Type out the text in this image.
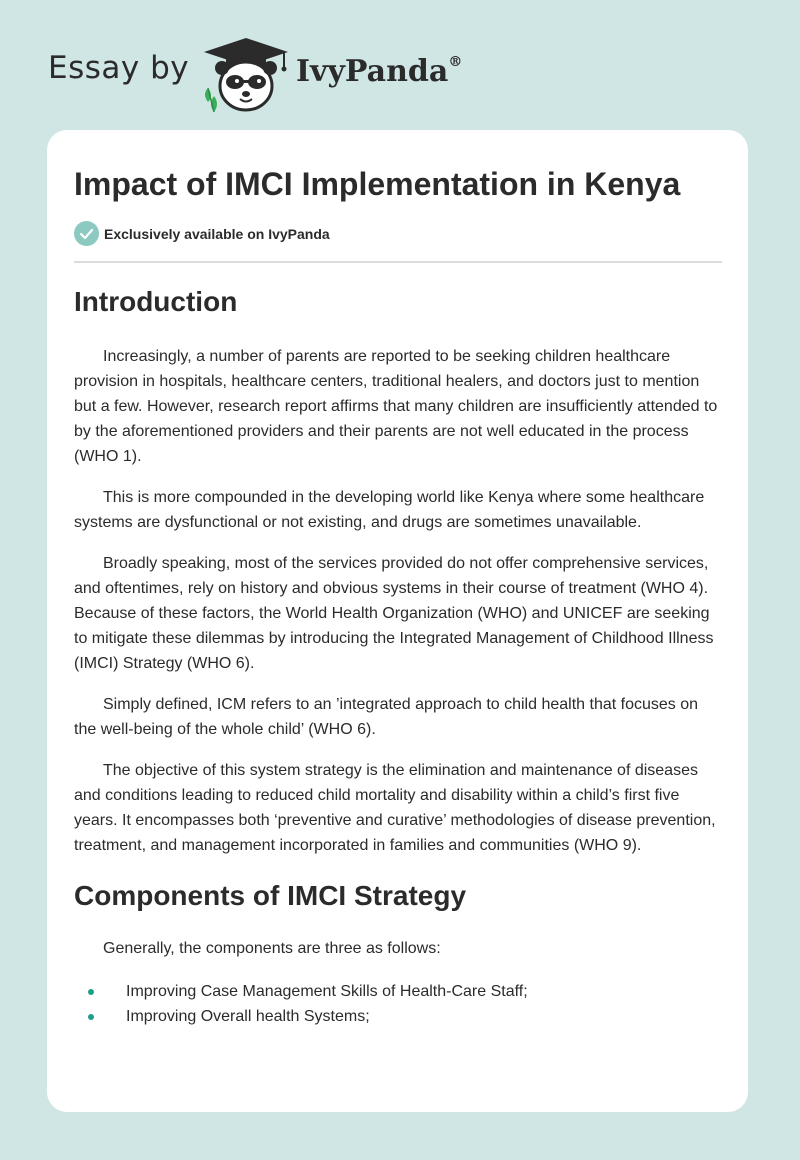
Essay by	IvyPanda®
Impact of IMCI Implementation in Kenya
Exclusively available on IvyPanda
Introduction

Increasingly, a number of parents are reported to be seeking children healthcare provision in hospitals, healthcare centers, traditional healers, and doctors just to mention but a few. However, research report affirms that many children are insufficiently attended to by the aforementioned providers and their parents are not well educated in the process (WHO 1).

This is more compounded in the developing world like Kenya where some healthcare systems are dysfunctional or not existing, and drugs are sometimes unavailable.

Broadly speaking, most of the services provided do not offer comprehensive services, and oftentimes, rely on history and obvious systems in their course of treatment (WHO 4). Because of these factors, the World Health Organization (WHO) and UNICEF are seeking to mitigate these dilemmas by introducing the Integrated Management of Childhood Illness (IMCI) Strategy (WHO 6).

Simply defined, ICM refers to an ’integrated approach to child health that focuses on the well-being of the whole child’ (WHO 6).

The objective of this system strategy is the elimination and maintenance of diseases and conditions leading to reduced child mortality and disability within a child’s first five years. It encompasses both ‘preventive and curative’ methodologies of disease prevention, treatment, and management incorporated in families and communities (WHO 9).

Components of IMCI Strategy

Generally, the components are three as follows:

Improving Case Management Skills of Health-Care Staff;
Improving Overall health Systems;
